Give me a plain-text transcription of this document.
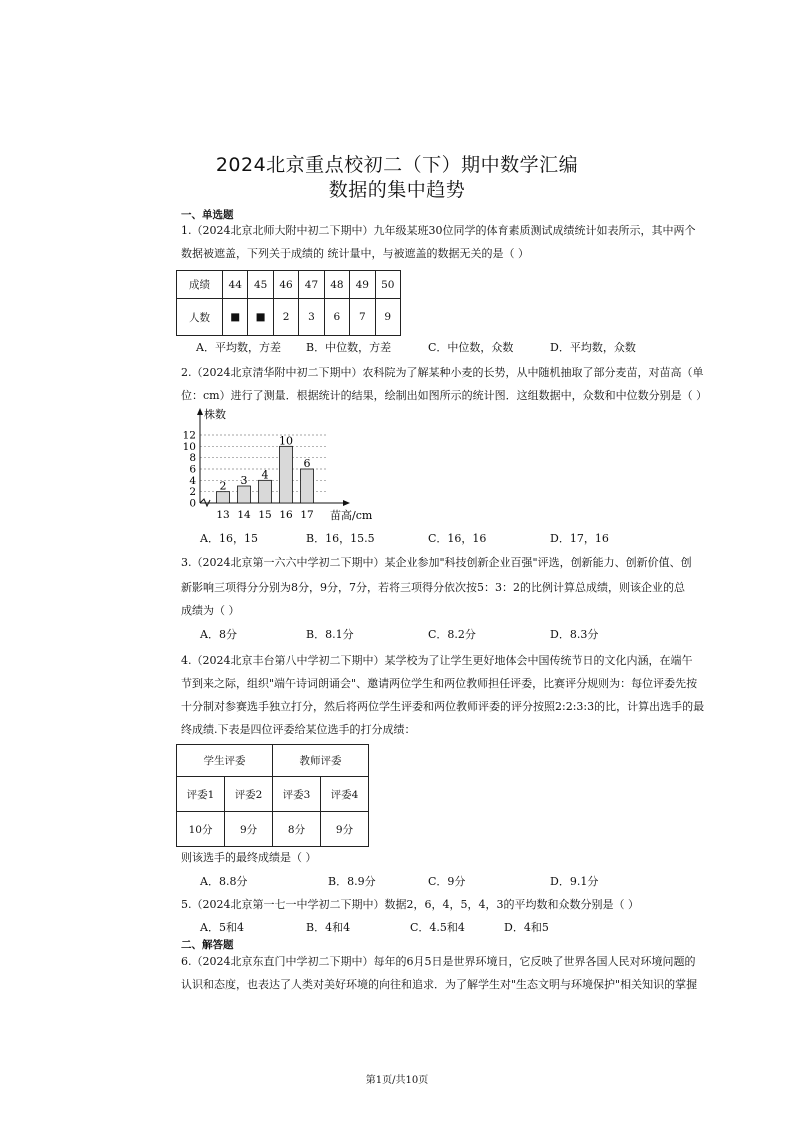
2024北京重点校初二（下）期中数学汇编
数据的集中趋势
一、单选题
1.（2024北京北师大附中初二下期中）九年级某班30位同学的体育素质测试成绩统计如表所示，其中两个
数据被遮盖，下列关于成绩的 统计量中，与被遮盖的数据无关的是（ ）
成绩	44	45	46	47	48	49	50
人数	■	■	2	3	6	7	9
A．平均数，方差 B．中位数，方差	C．中位数，众数	D．平均数，众数
2.（2024北京清华附中初二下期中）农科院为了解某种小麦的长势，从中随机抽取了部分麦苗，对苗高（单
位：cm）进行了测量．根据统计的结果，绘制出如图所示的统计图．这组数据中，众数和中位数分别是（ ）
0
2
4
6
8
10
12
株数
苗高/cm
2
13
3
14
4
15
10
16
6
17
A．16，15	B．16，15.5	C．16，16	D．17，16
3.（2024北京第一六六中学初二下期中）某企业参加"科技创新企业百强"评选，创新能力、创新价值、创
新影响三项得分分别为8分，9分，7分，若将三项得分依次按5：3：2的比例计算总成绩，则该企业的总
成绩为（ ）
A．8分	B．8.1分	C．8.2分	D．8.3分
4.（2024北京丰台第八中学初二下期中）某学校为了让学生更好地体会中国传统节日的文化内涵，在端午
节到来之际，组织"端午诗词朗诵会"、邀请两位学生和两位教师担任评委，比赛评分规则为：每位评委先按
十分制对参赛选手独立打分，然后将两位学生评委和两位教师评委的评分按照2:2:3:3的比，计算出选手的最
终成绩.下表是四位评委给某位选手的打分成绩：
学生评委		教师评委	
评委1	评委2	评委3	评委4
10分	9分	8分	9分
则该选手的最终成绩是（ ）
A．8.8分	B．8.9分	C．9分	D．9.1分
5.（2024北京第一七一中学初二下期中）数据2，6，4，5，4，3的平均数和众数分别是（ ）
A．5和4	B．4和4	C．4.5和4	D．4和5
二、解答题
6.（2024北京东直门中学初二下期中）每年的6月5日是世界环境日，它反映了世界各国人民对环境问题的
认识和态度，也表达了人类对美好环境的向往和追求．为了解学生对"生态文明与环境保护"相关知识的掌握
第1页/共10页
